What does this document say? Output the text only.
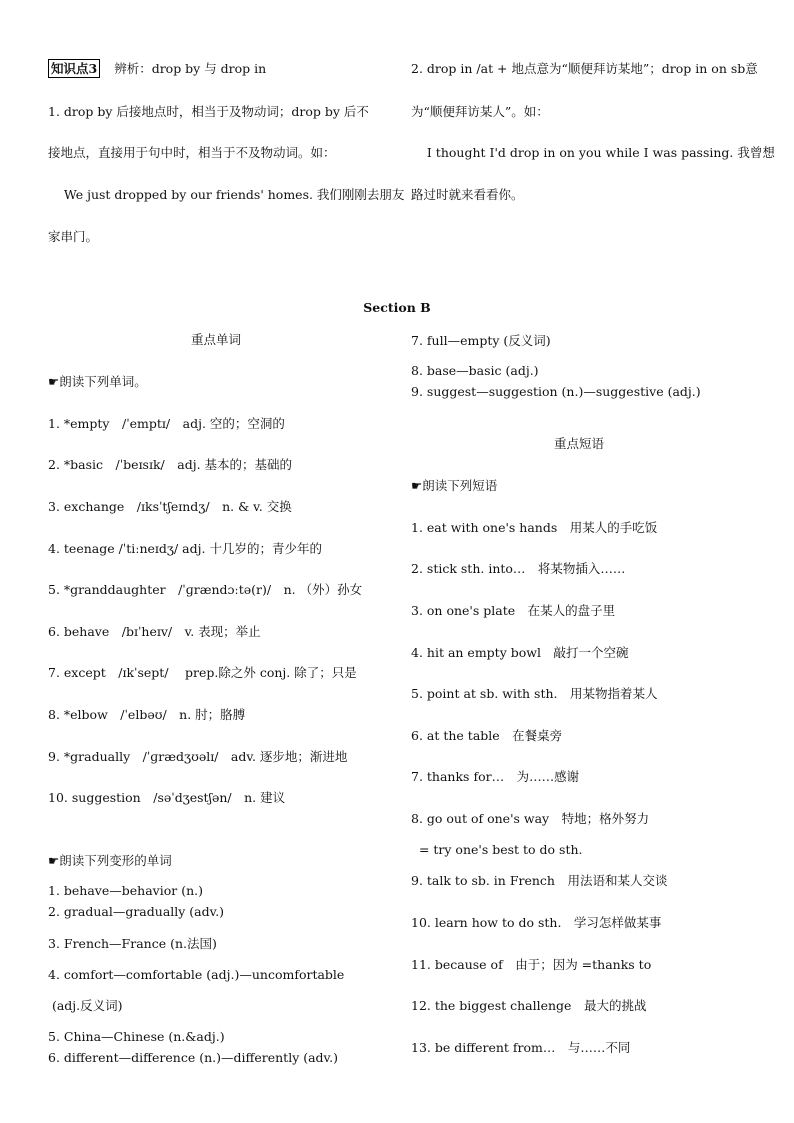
知识点3 辨析：drop by 与 drop in
1. drop by 后接地点时，相当于及物动词；drop by 后不
接地点，直接用于句中时，相当于不及物动词。如：
We just dropped by our friends' homes. 我们刚刚去朋友
家串门。
2. drop in /at + 地点意为“顺便拜访某地”；drop in on sb意
为“顺便拜访某人”。如：
I thought I'd drop in on you while I was passing. 我曾想
路过时就来看看你。
Section B
重点单词
☛朗读下列单词。
1. *empty　/ˈemptɪ/　adj. 空的；空洞的
2. *basic　/ˈbeɪsɪk/　adj. 基本的；基础的
3. exchange　/ɪksˈtʃeɪndʒ/　n. & v. 交换
4. teenage /ˈtiːneɪdʒ/ adj. 十几岁的；青少年的
5. *granddaughter　/ˈɡrændɔːtə(r)/　n. （外）孙女
6. behave　/bɪˈheɪv/　v. 表现；举止
7. except　/ɪkˈsept/　 prep.除之外 conj. 除了；只是
8. *elbow　/ˈelbəʊ/　n. 肘；胳膊
9. *gradually　/ˈɡrædʒʊəlɪ/　adv. 逐步地；渐进地
10. suggestion　/səˈdʒestʃən/　n. 建议
☛朗读下列变形的单词
1. behave—behavior (n.)
2. gradual—gradually (adv.)
3. French—France (n.法国)
4. comfort—comfortable (adj.)—uncomfortable
(adj.反义词)
5. China—Chinese (n.&adj.)
6. different—difference (n.)—differently (adv.)
7. full—empty (反义词)
8. base—basic (adj.)
9. suggest—suggestion (n.)—suggestive (adj.)
重点短语
☛朗读下列短语
1. eat with one's hands　用某人的手吃饭
2. stick sth. into…　将某物插入……
3. on one's plate　在某人的盘子里
4. hit an empty bowl　敲打一个空碗
5. point at sb. with sth.　用某物指着某人
6. at the table　在餐桌旁
7. thanks for…　为……感谢
8. go out of one's way　特地；格外努力
= try one's best to do sth.
9. talk to sb. in French　用法语和某人交谈
10. learn how to do sth.　学习怎样做某事
11. because of　由于；因为 =thanks to
12. the biggest challenge　最大的挑战
13. be different from…　与……不同
